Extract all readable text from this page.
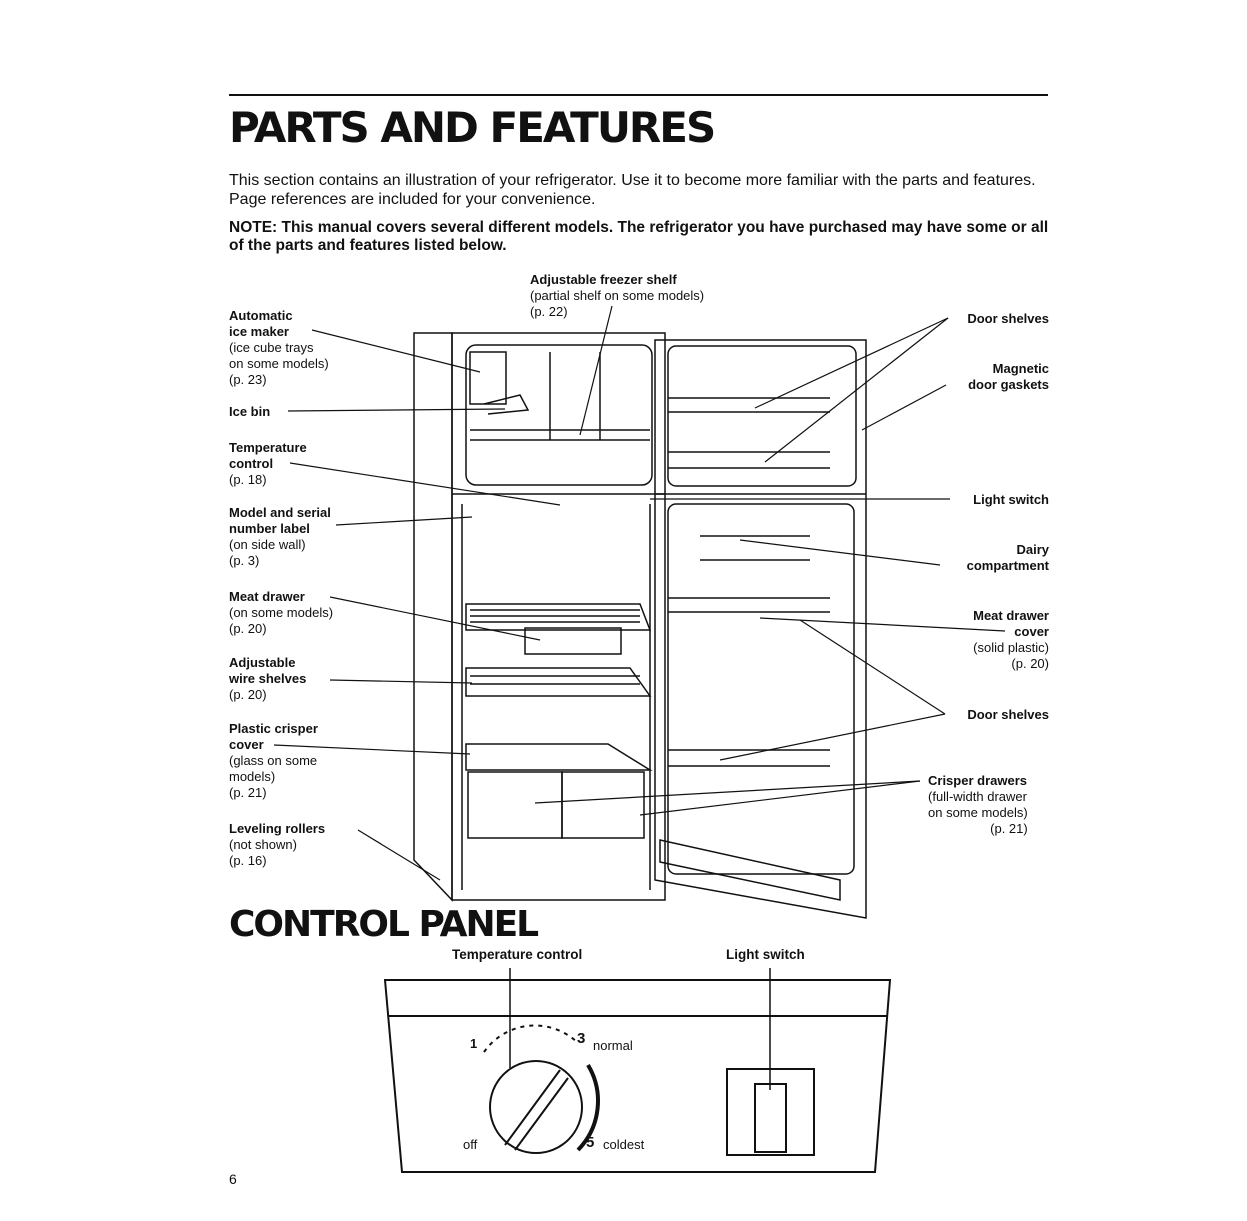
PARTS AND FEATURES

This section contains an illustration of your refrigerator. Use it to become more familiar with the parts and features. Page references are included for your convenience.

NOTE: This manual covers several different models. The refrigerator you have purchased may have some or all of the parts and features listed below.

Adjustable freezer shelf
(partial shelf on some models)
(p. 22)
Automatic
ice maker
(ice cube trays
on some models)
(p. 23)
Ice bin
Temperature
control
(p. 18)
Model and serial
number label
(on side wall)
(p. 3)
Meat drawer
(on some models)
(p. 20)
Adjustable
wire shelves
(p. 20)
Plastic crisper
cover
(glass on some
models)
(p. 21)
Leveling rollers
(not shown)
(p. 16)
Door shelves
Magnetic
door gaskets
Light switch
Dairy
compartment
Meat drawer
cover
(solid plastic)
(p. 20)
Door shelves
Crisper drawers
(full-width drawer
on some models)
(p. 21)
CONTROL PANEL
Temperature control	Light switch
1	3 normal
off	5 coldest
6
